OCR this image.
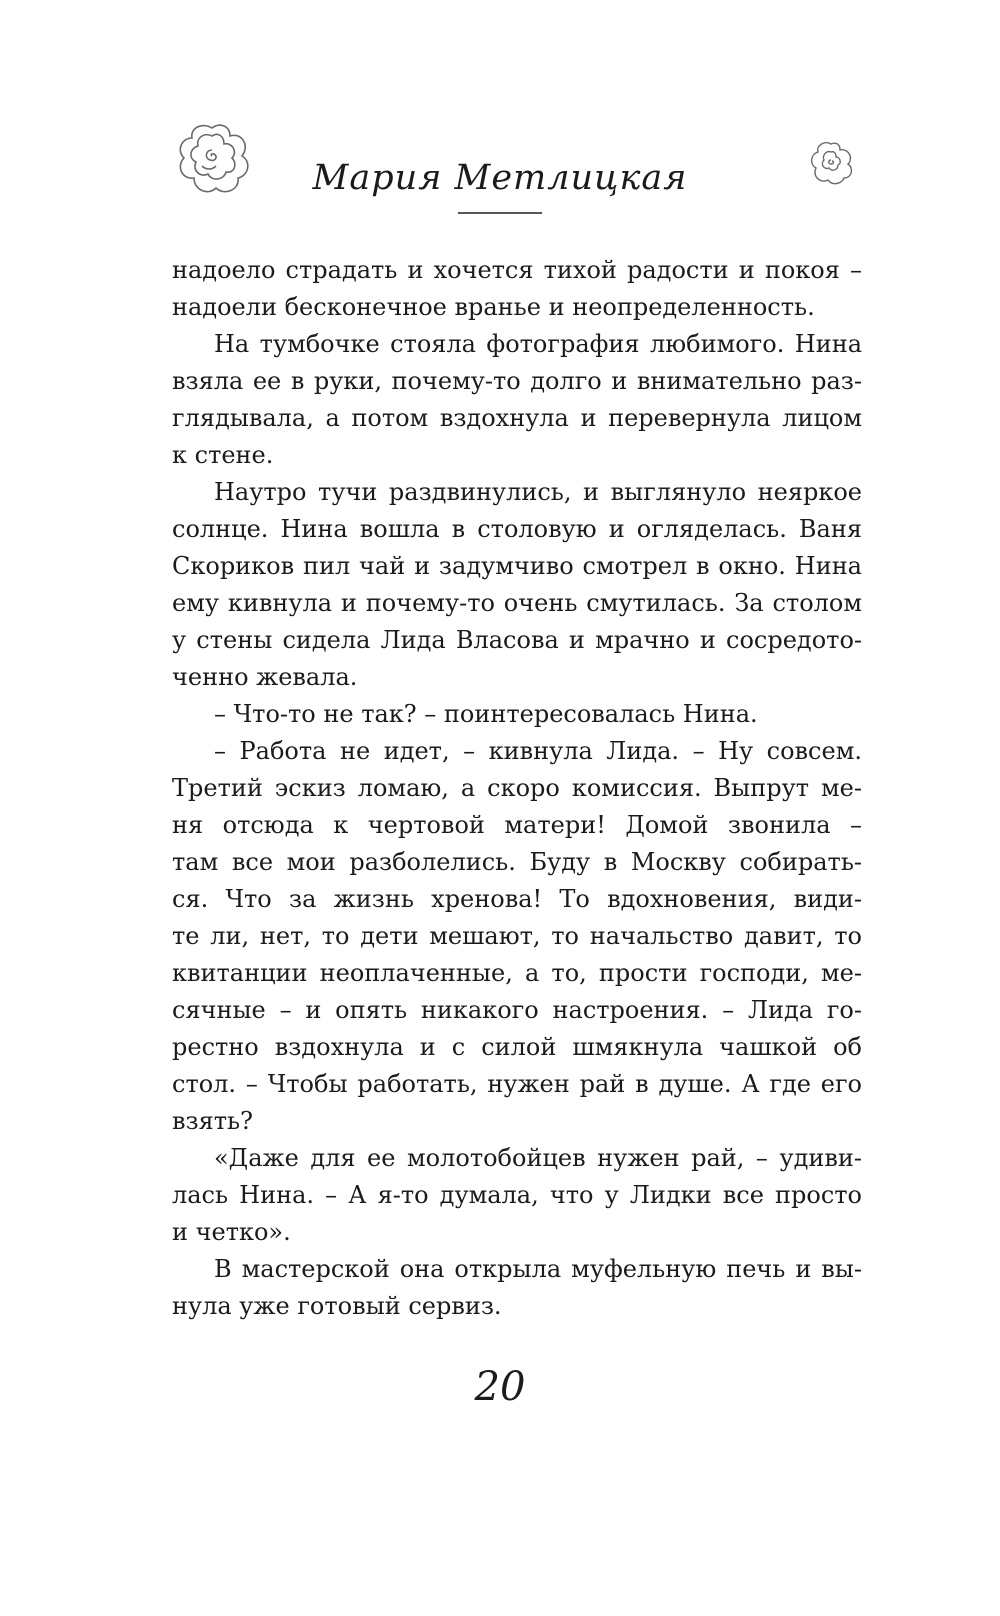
Мария Метлицкая
надоело страдать и хочется тихой радости и покоя –
надоели бесконечное вранье и неопределенность.
На тумбочке стояла фотография любимого. Нина
взяла ее в руки, почему-то долго и внимательно раз-
глядывала, а потом вздохнула и перевернула лицом
к стене.
Наутро тучи раздвинулись, и выглянуло неяркое
солнце. Нина вошла в столовую и огляделась. Ваня
Скориков пил чай и задумчиво смотрел в окно. Нина
ему кивнула и почему-то очень смутилась. За столом
у стены сидела Лида Власова и мрачно и сосредото-
ченно жевала.
– Что-то не так? – поинтересовалась Нина.
– Работа не идет, – кивнула Лида. – Ну совсем.
Третий эскиз ломаю, а скоро комиссия. Выпрут ме-
ня отсюда к чертовой матери! Домой звонила –
там все мои разболелись. Буду в Москву собирать-
ся. Что за жизнь хренова! То вдохновения, види-
те ли, нет, то дети мешают, то начальство давит, то
квитанции неоплаченные, а то, прости господи, ме-
сячные – и опять никакого настроения. – Лида го-
рестно вздохнула и с силой шмякнула чашкой об
стол. – Чтобы работать, нужен рай в душе. А где его
взять?
«Даже для ее молотобойцев нужен рай, – удиви-
лась Нина. – А я-то думала, что у Лидки все просто
и четко».
В мастерской она открыла муфельную печь и вы-
нула уже готовый сервиз.
20
